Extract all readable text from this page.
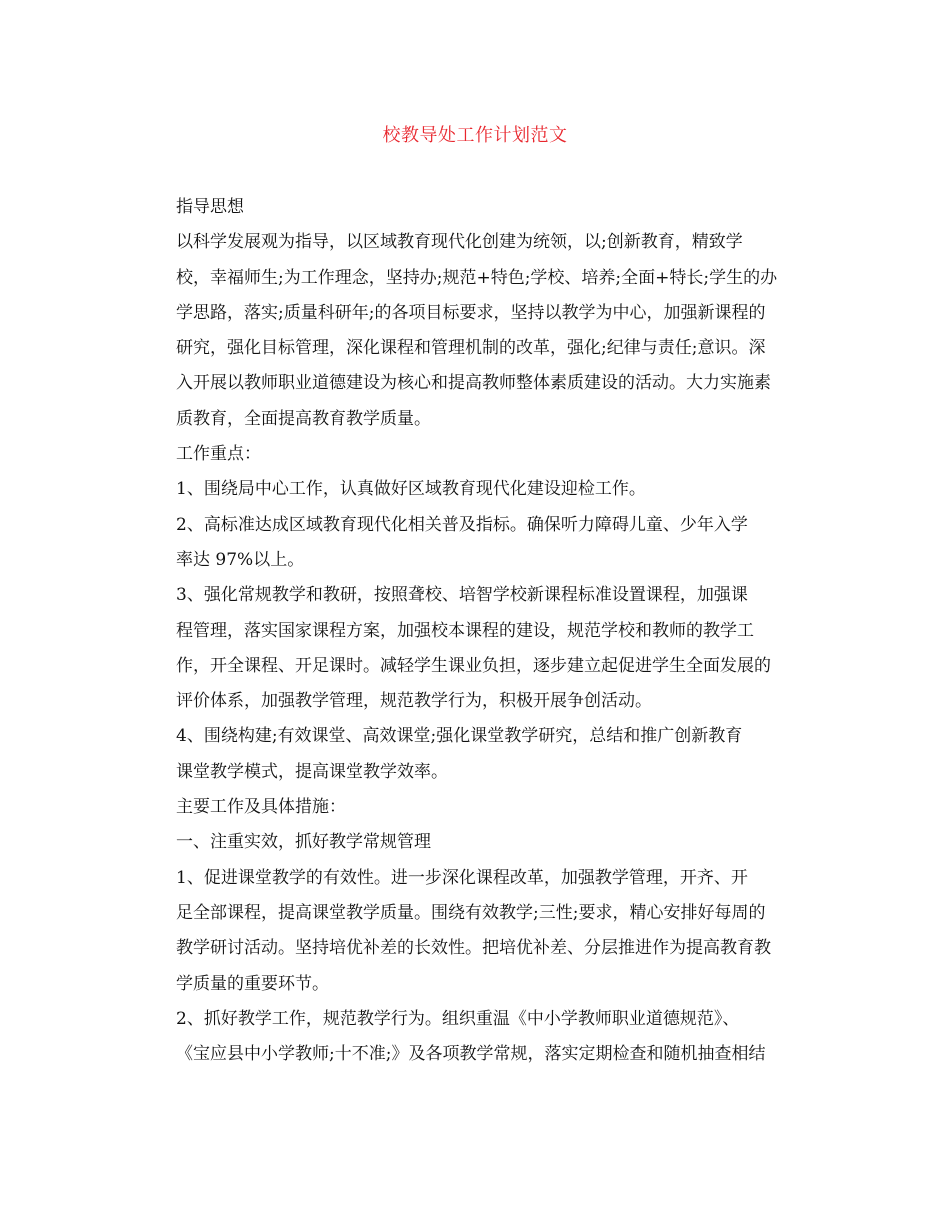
校教导处工作计划范文

指导思想

以科学发展观为指导，以区域教育现代化创建为统领，以;创新教育，精致学
校，幸福师生;为工作理念，坚持办;规范+特色;学校、培养;全面+特长;学生的办
学思路，落实;质量科研年;的各项目标要求，坚持以教学为中心，加强新课程的
研究，强化目标管理，深化课程和管理机制的改革，强化;纪律与责任;意识。深
入开展以教师职业道德建设为核心和提高教师整体素质建设的活动。大力实施素
质教育，全面提高教育教学质量。

工作重点：

1、围绕局中心工作，认真做好区域教育现代化建设迎检工作。

2、高标准达成区域教育现代化相关普及指标。确保听力障碍儿童、少年入学
率达 97%以上。

3、强化常规教学和教研，按照聋校、培智学校新课程标准设置课程，加强课
程管理，落实国家课程方案，加强校本课程的建设，规范学校和教师的教学工
作，开全课程、开足课时。减轻学生课业负担，逐步建立起促进学生全面发展的
评价体系，加强教学管理，规范教学行为，积极开展争创活动。

4、围绕构建;有效课堂、高效课堂;强化课堂教学研究，总结和推广创新教育
课堂教学模式，提高课堂教学效率。

主要工作及具体措施：

一、注重实效，抓好教学常规管理

1、促进课堂教学的有效性。进一步深化课程改革，加强教学管理，开齐、开
足全部课程，提高课堂教学质量。围绕有效教学;三性;要求，精心安排好每周的
教学研讨活动。坚持培优补差的长效性。把培优补差、分层推进作为提高教育教
学质量的重要环节。

2、抓好教学工作，规范教学行为。组织重温《中小学教师职业道德规范》、
《宝应县中小学教师;十不准;》及各项教学常规，落实定期检查和随机抽查相结
